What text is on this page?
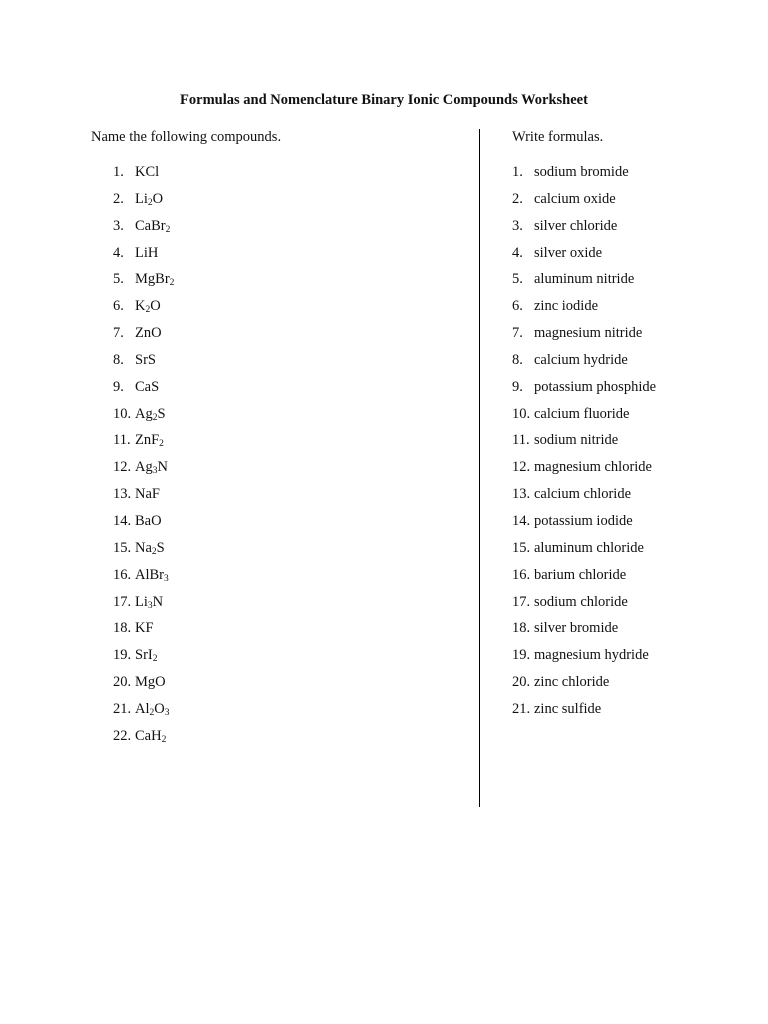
Formulas and Nomenclature Binary Ionic Compounds Worksheet
Name the following compounds.	Write formulas.
1. KCl
2. $Li_2O$
3. CaBr$_2$
4. LiH
5. MgBr$_2$
6. $K_2O$
7. ZnO
8. SrS
9. CaS
10. $Ag_2S$
11. ZnF$_2$
12. $Ag_3N$
13. NaF
14. BaO
15. $Na_2S$
16. AlBr$_3$
17. $Li_3N$
18. KF
19. SrI$_2$
20. MgO
21. $Al_2O_3$
22. CaH$_2$
1. sodium bromide
2. calcium oxide
3. silver chloride
4. silver oxide
5. aluminum nitride
6. zinc iodide
7. magnesium nitride
8. calcium hydride
9. potassium phosphide
10. calcium fluoride
11. sodium nitride
12. magnesium chloride
13. calcium chloride
14. potassium iodide
15. aluminum chloride
16. barium chloride
17. sodium chloride
18. silver bromide
19. magnesium hydride
20. zinc chloride
21. zinc sulfide
